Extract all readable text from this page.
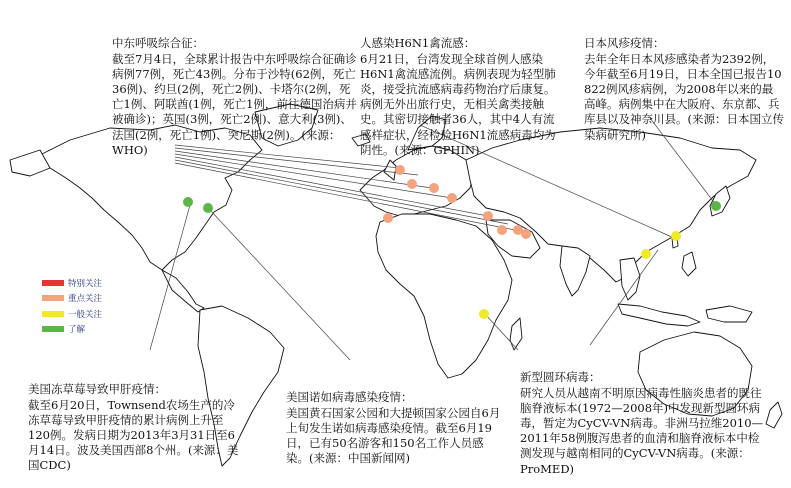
特别关注
重点关注
一般关注
了解

中东呼吸综合征：
截至7月4日，全球累计报告中东呼吸综合征确诊病例77例，死亡43例。分布于沙特(62例，死亡36例)、约旦(2例，死亡2例)、卡塔尔(2例，死亡1例、阿联酋(1例，死亡1例，前往德国治病并被确诊)；英国(3例，死亡2例)、意大利(3例)、法国(2例，死亡1例)、突尼斯(2例)。(来源：WHO)

人感染H6N1禽流感：
6月21日，台湾发现全球首例人感染H6N1禽流感流例。病例表现为轻型肺炎，接受抗流感病毒药物治疗后康复。病例无外出旅行史，无相关禽类接触史。其密切接触者36人，其中4人有流感样症状，经检验H6N1流感病毒均为阴性。(来源：GPHIN)

日本风疹疫情：
去年全年日本风疹感染者为2392例，今年截至6月19日，日本全国已报告10 822例风疹病例，为2008年以来的最高峰。病例集中在大阪府、东京都、兵库县以及神奈川县。(来源：日本国立传染病研究所)

美国冻草莓导致甲肝疫情：
截至6月20日，Townsend农场生产的冷冻草莓导致甲肝疫情的累计病例上升至120例。发病日期为2013年3月31日至6月14日。波及美国西部8个州。(来源：美国CDC)

美国诺如病毒感染疫情：
美国黄石国家公园和大提顿国家公园自6月上旬发生诺如病毒感染疫情。截至6月19日，已有50名游客和150名工作人员感染。(来源：中国新闻网)

新型圆环病毒：
研究人员从越南不明原因病毒性脑炎患者的既往脑脊液标本(1972—2008年)中发现新型圆环病毒，暂定为CyCV-VN病毒。非洲马拉维2010—2011年58例腹泻患者的血清和脑脊液标本中检测发现与越南相同的CyCV-VN病毒。(来源：ProMED)
